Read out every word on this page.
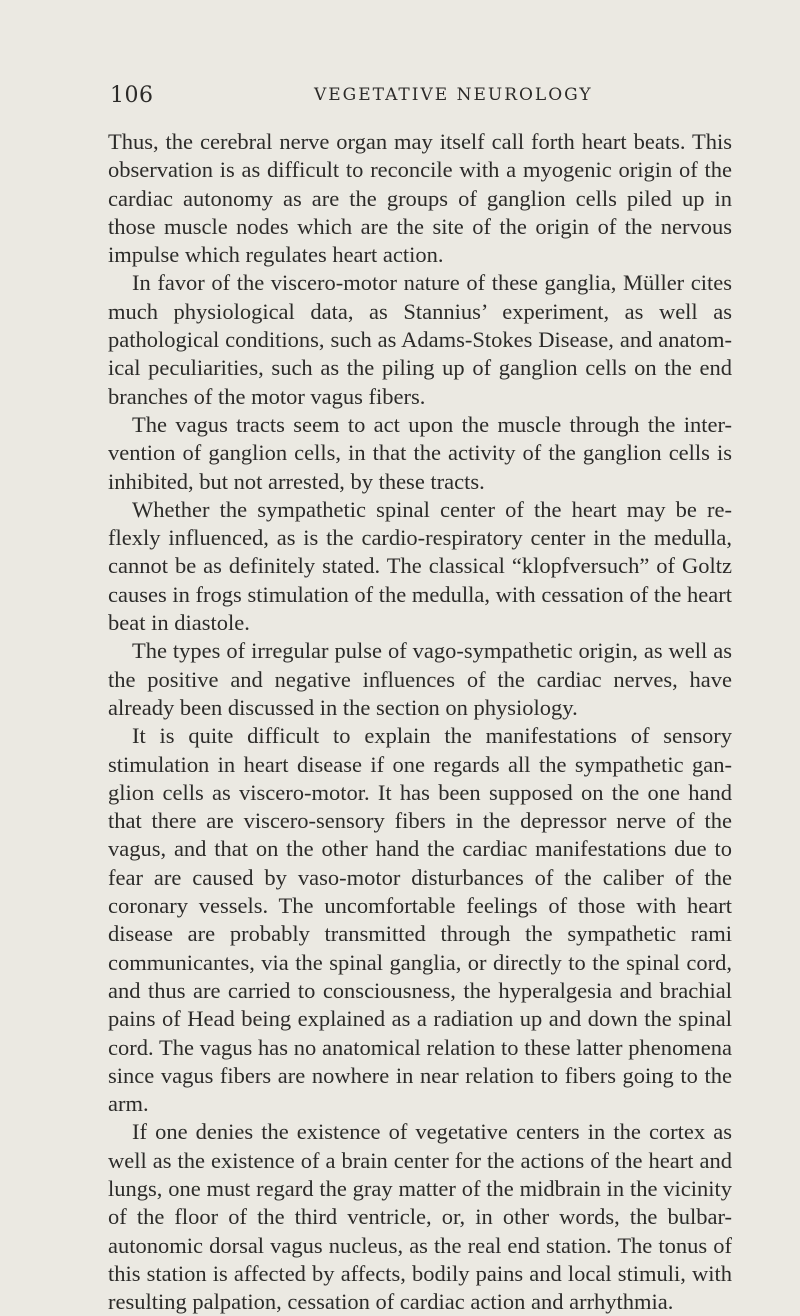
106	VEGETATIVE NEUROLOGY

Thus, the cerebral nerve organ may itself call forth heart beats. This observation is as difficult to reconcile with a myogenic origin of the cardiac autonomy as are the groups of ganglion cells piled up in those muscle nodes which are the site of the origin of the nervous impulse which regulates heart action.

In favor of the viscero-motor nature of these ganglia, Müller cites much physiological data, as Stannius’ experiment, as well as pathological conditions, such as Adams-Stokes Disease, and anatom- ical peculiarities, such as the piling up of ganglion cells on the end branches of the motor vagus fibers.

The vagus tracts seem to act upon the muscle through the inter- vention of ganglion cells, in that the activity of the ganglion cells is inhibited, but not arrested, by these tracts.

Whether the sympathetic spinal center of the heart may be re- flexly influenced, as is the cardio-respiratory center in the medulla, cannot be as definitely stated. The classical “klopfversuch” of Goltz causes in frogs stimulation of the medulla, with cessation of the heart beat in diastole.

The types of irregular pulse of vago-sympathetic origin, as well as the positive and negative influences of the cardiac nerves, have already been discussed in the section on physiology.

It is quite difficult to explain the manifestations of sensory stimulation in heart disease if one regards all the sympathetic gan- glion cells as viscero-motor. It has been supposed on the one hand that there are viscero-sensory fibers in the depressor nerve of the vagus, and that on the other hand the cardiac manifestations due to fear are caused by vaso-motor disturbances of the caliber of the coronary vessels. The uncomfortable feelings of those with heart disease are probably transmitted through the sympathetic rami communicantes, via the spinal ganglia, or directly to the spinal cord, and thus are carried to consciousness, the hyperalgesia and brachial pains of Head being explained as a radiation up and down the spinal cord. The vagus has no anatomical relation to these latter phenomena since vagus fibers are nowhere in near relation to fibers going to the arm.

If one denies the existence of vegetative centers in the cortex as well as the existence of a brain center for the actions of the heart and lungs, one must regard the gray matter of the midbrain in the vicinity of the floor of the third ventricle, or, in other words, the bulbar-autonomic dorsal vagus nucleus, as the real end station. The tonus of this station is affected by affects, bodily pains and local stimuli, with resulting palpation, cessation of cardiac action and arrhythmia.
